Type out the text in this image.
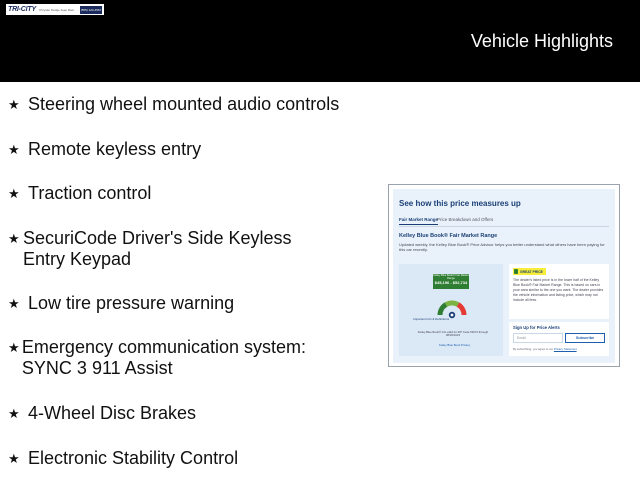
TRI-CITY Chrysler Dodge Jeep Ram (555) 123-4567
Vehicle Highlights
★ Steering wheel mounted audio controls
★ Remote keyless entry
★ Traction control
★ SecuriCode Driver's Side Keyless Entry Keypad
★ Low tire pressure warning
★ Emergency communication system: SYNC 3 911 Assist
★ 4-Wheel Disc Brakes
★ Electronic Stability Control
See how this price measures up
Fair Market Range
Price Breakdown and Offers
Kelley Blue Book® Fair Market Range
Updated weekly, the Kelley Blue Book® Price Advisor helps you better understand what others have been paying for this car recently.
Kelley Blue Book® Fair Market Range
$45,196 - $52,734
Important Info & Definitions
Kelley Blue Book® info valid for ZIP Code 53074 through 08/30/2023
Kelley Blue Book Privacy
GREAT PRICE
The dealer's listed price is in the lower half of the Kelley Blue Book® Fair Market Range. This is based on cars in your area similar to the one you want. The dealer provides the vehicle information and listing price, which may not include all fees.
Sign Up for Price Alerts
Email	Subscribe
By subscribing, you agree to our Privacy Statement
